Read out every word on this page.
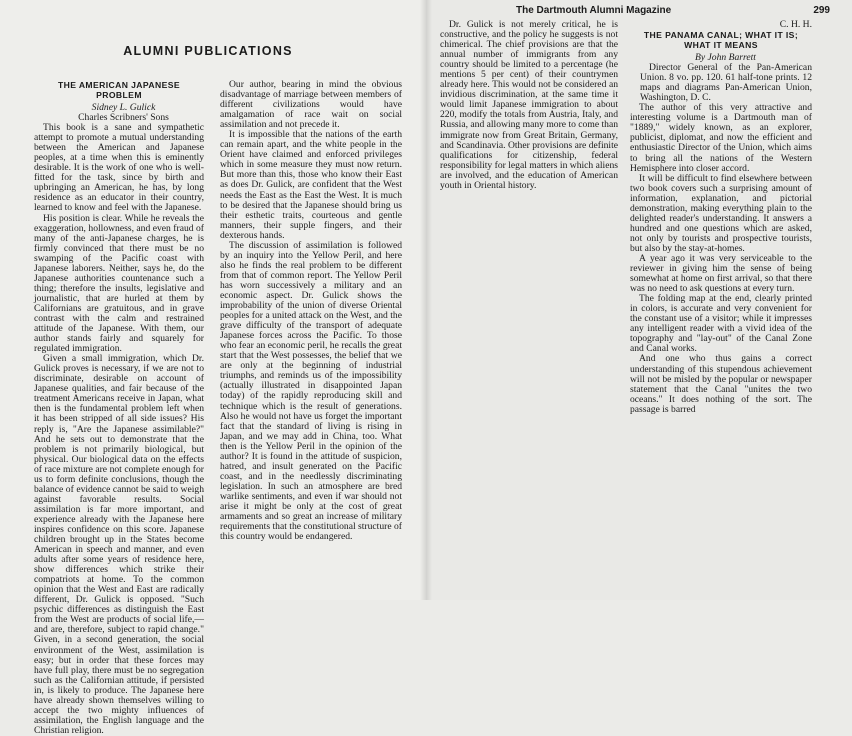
ALUMNI PUBLICATIONS
THE AMERICAN JAPANESE PROBLEM

Sidney L. Gulick

Charles Scribners' Sons

This book is a sane and sympathetic attempt to promote a mutual understanding between the American and Japanese peoples, at a time when this is eminently desirable. It is the work of one who is well-fitted for the task, since by birth and upbringing an American, he has, by long residence as an educator in their country, learned to know and feel with the Japanese.

His position is clear. While he reveals the exaggeration, hollowness, and even fraud of many of the anti-Japanese charges, he is firmly convinced that there must be no swamping of the Pacific coast with Japanese laborers. Neither, says he, do the Japanese authorities countenance such a thing; therefore the insults, legislative and journalistic, that are hurled at them by Californians are gratuitous, and in grave contrast with the calm and restrained attitude of the Japanese. With them, our author stands fairly and squarely for regulated immigration.

Given a small immigration, which Dr. Gulick proves is necessary, if we are not to discriminate, desirable on account of Japanese qualities, and fair because of the treatment Americans receive in Japan, what then is the fundamental problem left when it has been stripped of all side issues? His reply is, "Are the Japanese assimilable?" And he sets out to demonstrate that the problem is not primarily biological, but physical. Our biological data on the effects of race mixture are not complete enough for us to form definite conclusions, though the balance of evidence cannot be said to weigh against favorable results. Social assimilation is far more important, and experience already with the Japanese here inspires confidence on this score. Japanese children brought up in the States become American in speech and manner, and even adults after some years of residence here, show differences which strike their compatriots at home. To the common opinion that the West and East are radically different, Dr. Gulick is opposed. "Such psychic differences as distinguish the East from the West are products of social life,—and are, therefore, subject to rapid change." Given, in a second generation, the social environment of the West, assimilation is easy; but in order that these forces may have full play, there must be no segregation such as the Californian attitude, if persisted in, is likely to produce. The Japanese here have already shown themselves willing to accept the two mighty influences of assimilation, the English language and the Christian religion.

Our author, bearing in mind the obvious disadvantage of marriage between members of different civilizations would have amalgamation of race wait on social assimilation and not precede it.

It is impossible that the nations of the earth can remain apart, and the white people in the Orient have claimed and enforced privileges which in some measure they must now return. But more than this, those who know their East as does Dr. Gulick, are confident that the West needs the East as the East the West. It is much to be desired that the Japanese should bring us their esthetic traits, courteous and gentle manners, their supple fingers, and their dexterous hands.

The discussion of assimilation is followed by an inquiry into the Yellow Peril, and here also he finds the real problem to be different from that of common report. The Yellow Peril has worn successively a military and an economic aspect. Dr. Gulick shows the improbability of the union of diverse Oriental peoples for a united attack on the West, and the grave difficulty of the transport of adequate Japanese forces across the Pacific. To those who fear an economic peril, he recalls the great start that the West possesses, the belief that we are only at the beginning of industrial triumphs, and reminds us of the impossibility (actually illustrated in disappointed Japan today) of the rapidly reproducing skill and technique which is the result of generations. Also he would not have us forget the important fact that the standard of living is rising in Japan, and we may add in China, too. What then is the Yellow Peril in the opinion of the author? It is found in the attitude of suspicion, hatred, and insult generated on the Pacific coast, and in the needlessly discriminating legislation. In such an atmosphere are bred warlike sentiments, and even if war should not arise it might be only at the cost of great armaments and so great an increase of military requirements that the constitutional structure of this country would be endangered.

The Dartmouth Alumni Magazine	299

Dr. Gulick is not merely critical, he is constructive, and the policy he suggests is not chimerical. The chief provisions are that the annual number of immigrants from any country should be limited to a percentage (he mentions 5 per cent) of their countrymen already here. This would not be considered an invidious discrimination, at the same time it would limit Japanese immigration to about 220, modify the totals from Austria, Italy, and Russia, and allowing many more to come than immigrate now from Great Britain, Germany, and Scandinavia. Other provisions are definite qualifications for citizenship, federal responsibility for legal matters in which aliens are involved, and the education of American youth in Oriental history.

C. H. H.

THE PANAMA CANAL; WHAT IT IS; WHAT IT MEANS

By John Barrett

Director General of the Pan-American Union. 8 vo. pp. 120. 61 half-tone prints. 12 maps and diagrams Pan-American Union, Washington, D. C.

The author of this very attractive and interesting volume is a Dartmouth man of "1889," widely known, as an explorer, publicist, diplomat, and now the efficient and enthusiastic Director of the Union, which aims to bring all the nations of the Western Hemisphere into closer accord.

It will be difficult to find elsewhere between two book covers such a surprising amount of information, explanation, and pictorial demonstration, making everything plain to the delighted reader's understanding. It answers a hundred and one questions which are asked, not only by tourists and prospective tourists, but also by the stay-at-homes.

A year ago it was very serviceable to the reviewer in giving him the sense of being somewhat at home on first arrival, so that there was no need to ask questions at every turn.

The folding map at the end, clearly printed in colors, is accurate and very convenient for the constant use of a visitor; while it impresses any intelligent reader with a vivid idea of the topography and "lay-out" of the Canal Zone and Canal works.

And one who thus gains a correct understanding of this stupendous achievement will not be misled by the popular or newspaper statement that the Canal "unites the two oceans." It does nothing of the sort. The passage is barred
